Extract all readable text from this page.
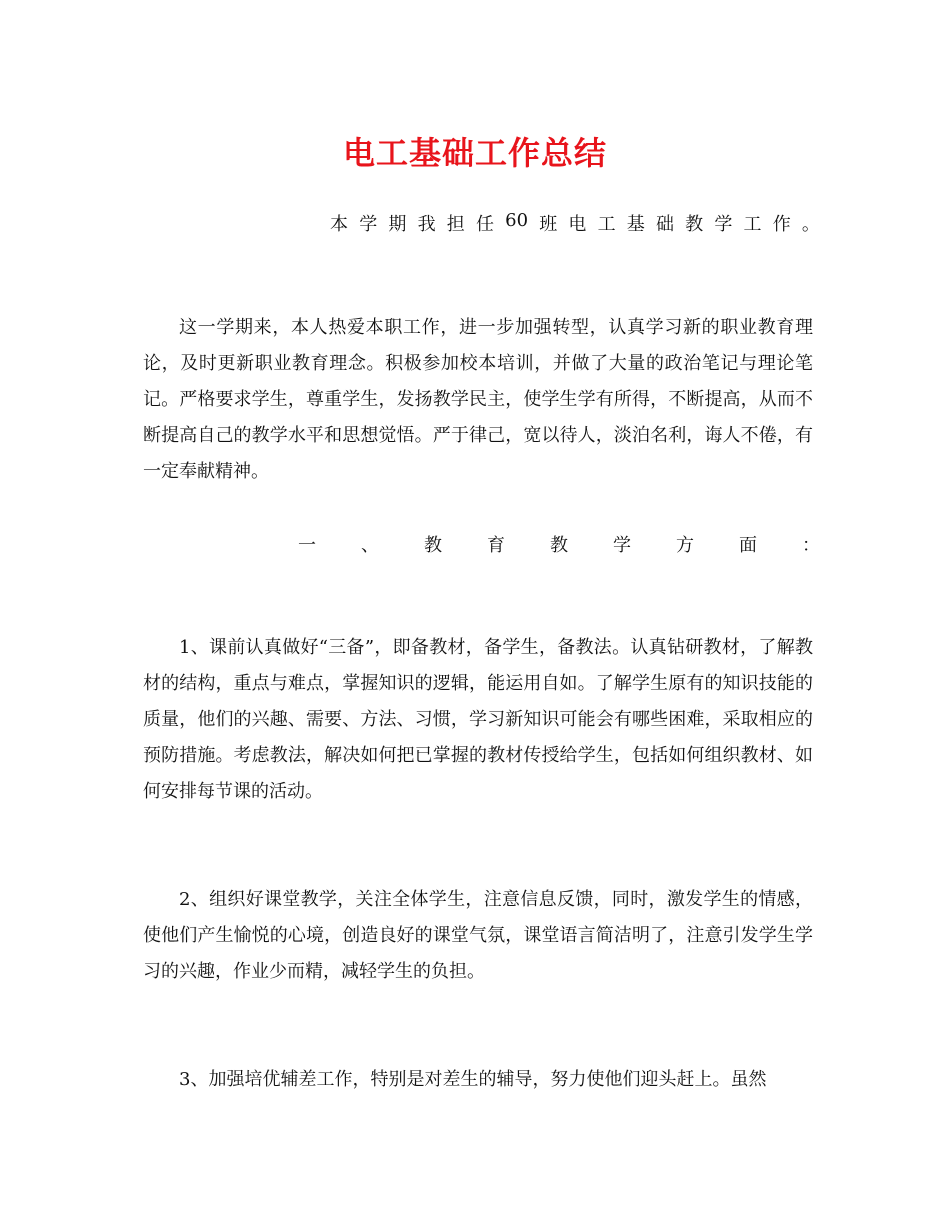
电工基础工作总结
本 学 期 我 担 任 60 班 电 工 基 础 教 学 工 作 。
这一学期来，本人热爱本职工作，进一步加强转型，认真学习新的职业教育理论，及时更新职业教育理念。积极参加校本培训，并做了大量的政治笔记与理论笔记。严格要求学生，尊重学生，发扬教学民主，使学生学有所得，不断提高，从而不断提高自己的教学水平和思想觉悟。严于律己，宽以待人，淡泊名利，诲人不倦，有一定奉献精神。
一	、	教	育	教	学	方	面	：
1、课前认真做好“三备”，即备教材，备学生，备教法。认真钻研教材，了解教材的结构，重点与难点，掌握知识的逻辑，能运用自如。了解学生原有的知识技能的质量，他们的兴趣、需要、方法、习惯，学习新知识可能会有哪些困难，采取相应的预防措施。考虑教法，解决如何把已掌握的教材传授给学生，包括如何组织教材、如何安排每节课的活动。
2、组织好课堂教学，关注全体学生，注意信息反馈，同时，激发学生的情感，使他们产生愉悦的心境，创造良好的课堂气氛，课堂语言简洁明了，注意引发学生学习的兴趣，作业少而精，减轻学生的负担。
3、加强培优辅差工作，特别是对差生的辅导，努力使他们迎头赶上。虽然
